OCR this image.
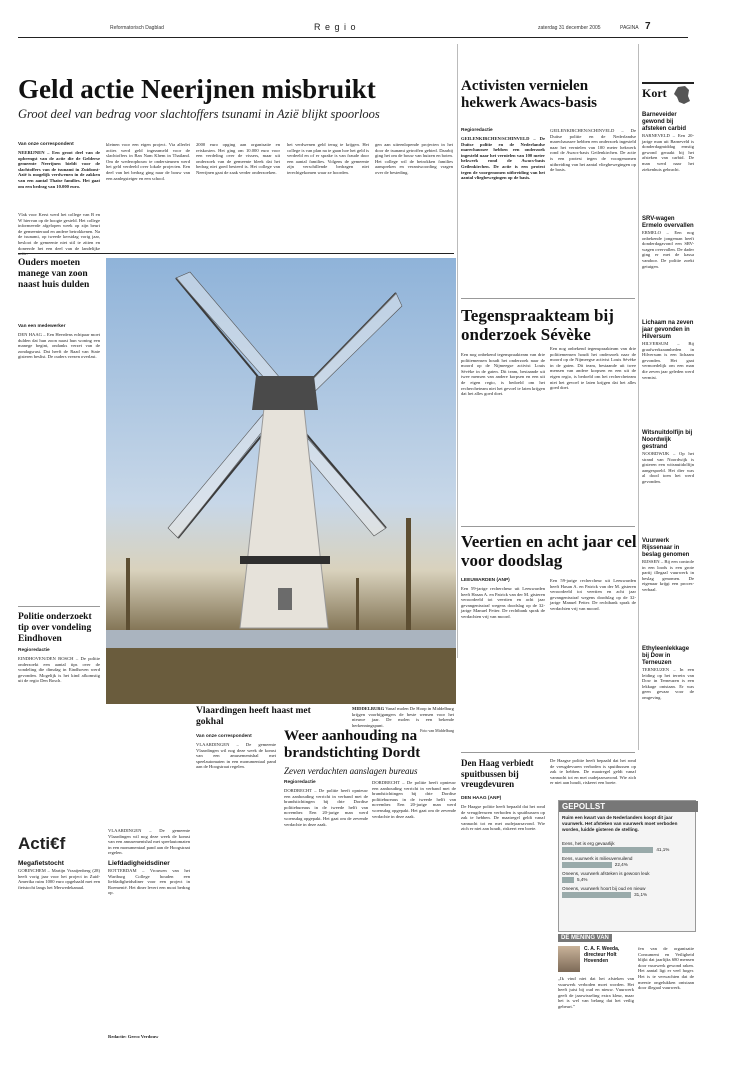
Reformatorisch Dagblad	R e g i o	zaterdag 31 december 2005	PAGINA 7
Geld actie Neerijnen misbruikt
Groot deel van bedrag voor slachtoffers tsunami in Azië blijkt spoorloos
Van onze correspondent
NEERIJNEN – Een groot deel van de opbrengst van de actie die de Gelderse gemeente Neerijnen bieldt voor de slachtoffers van de tsunami in Zuidoost-Azië is mogelijk verdwenen in de zakken van een aantal Thaise families. Het gaat om een bedrag van 10.000 euro.
Vlak voor Kerst werd het college van B en W hiervan op de hoogte gesteld. Het college informeerde afgelopen week op zijn beurt de gemeenteraad en andere betrokkenen. Na de tsunami, op tweede kerstdag vorig jaar, besloot de gemeente niet stil te zitten en doneerde het een deel van de landelijke
kleinen voor een eigen project. Via allerlei acties werd geld ingezameld voor de slachtoffers in Ban Nam Khem in Thailand. Om de wederopbouw te ondersteunen werd het geld verdeeld over lokale projecten. Een deel van het bedrag ging naar de bouw van een aanlegsteiger en een school.
2000 euro opging aan organisatie en reiskosten. Het ging om 10.000 euro voor een verdeling over de vissers, maar uit onderzoek van de gemeente bleek dat het bedrag niet goed besteed is. Het college van Neerijnen gaat de zaak verder onderzoeken.
het verdwenen geld terug te krijgen. Het college is van plan na te gaan hoe het geld is verdeeld en of er sprake is van fraude door een aantal families. Volgens de gemeente zijn verschillende bedragen niet terechtgekomen waar ze hoorden.
gen aan uiteenlopende projecten in het door de tsunami getroffen gebied. Daarbij ging het om de bouw van huizen en boten. Het college wil de betrokken families aanspreken en verantwoording vragen over de besteding.
Activisten vernielen hekwerk Awacs-basis
Regioredactie
GEILENKIRCHEN/SCHINVELD – De Duitse politie en de Nederlandse marechaussee hebben een onderzoek ingesteld naar het vernielen van 100 meter hekwerk rond de Awacs-basis Geilenkirchen. De actie is een protest tegen de voorgenomen uitbreiding van het aantal vliegbewegingen op de basis.

GEILENKIRCHEN/SCHINVELD – De Duitse politie en de Nederlandse marechaussee hebben een onderzoek ingesteld naar het vernielen van 100 meter hekwerk rond de Awacs-basis Geilenkirchen. De actie is een protest tegen de voorgenomen uitbreiding van het aantal vliegbewegingen op de basis.

Tegenspraakteam bij onderzoek Sévèke
Een nog onbekend tegenspraakteam van drie politiemensen houdt het onderzoek naar de moord op de Nijmeegse activist Louis Sévèke in de gaten. Dit team, bestaande uit twee mensen van andere korpsen en een uit de eigen regio, is bedoeld om het rechercheteam niet het gevoel te laten krijgen dat het alles goed doet.

Een nog onbekend tegenspraakteam van drie politiemensen houdt het onderzoek naar de moord op de Nijmeegse activist Louis Sévèke in de gaten. Dit team, bestaande uit twee mensen van andere korpsen en een uit de eigen regio, is bedoeld om het rechercheteam niet het gevoel te laten krijgen dat het alles goed doet.

Veertien en acht jaar cel voor doodslag
LEEUWARDEN (ANP)
Een 59-jarige rechercheur uit Leeuwarden heeft Hasan A. en Patrick van der M. gisteren veroordeeld tot veertien en acht jaar gevangenisstraf wegens doodslag op de 32-jarige Manuel Fetter. De rechtbank sprak de verdachten vrij van moord.

Een 59-jarige rechercheur uit Leeuwarden heeft Hasan A. en Patrick van der M. gisteren veroordeeld tot veertien en acht jaar gevangenisstraf wegens doodslag op de 32-jarige Manuel Fetter. De rechtbank sprak de verdachten vrij van moord.

Kort
Barneveider gewond bij afsteken carbid
BARNEVELD – Een 20-jarige man uit Barneveld is donderdagmiddag ernstig gewond geraakt bij het afsteken van carbid. De man werd naar het ziekenhuis gebracht.
SRV-wagen Ermelo overvallen
ERMELO – Een nog onbekende jongeman heeft donderdagavond een SRV-wagen overvallen. De dader ging er met de kassa vandoor. De politie zoekt getuigen.
Lichaam na zeven jaar gevonden in Hilversum
HILVERSUM – Bij graafwerkzaamheden in Hilversum is een lichaam gevonden. Het gaat vermoedelijk om een man die zeven jaar geleden werd vermist.
Witsnuitdolfijn bij Noordwijk gestrand
NOORDWIJK – Op het strand van Noordwijk is gisteren een witsnuitdolfijn aangespoeld. Het dier was al dood toen het werd gevonden.
Vuurwerk Rijssenaar in beslag genomen
RIJSSEN – Bij een controle in een loods is een grote partij illegaal vuurwerk in beslag genomen. De eigenaar krijgt een proces-verbaal.
Ethyleenlekkage bij Dow in Terneuzen
TERNEUZEN – In een leiding op het terrein van Dow in Terneuzen is een lekkage ontstaan. Er was geen gevaar voor de omgeving.
Ouders moeten manege van zoon naast huis dulden
Van een medewerker
DEN HAAG – Een Heerdens echtpaar moet dulden dat hun zoon naast hun woning een manege begint, ondanks verzet van de zondagsrust. Dat heeft de Raad van State gisteren beslist. De ouders vrezen overlast.
Politie onderzoekt tip over vondeling Eindhoven
Regioredactie
EINDHOVEN/DEN BOSCH – De politie onderzoekt een aantal tips over de vondeling die dinsdag in Eindhoven werd gevonden. Mogelijk is het kind afkomstig uit de regio Den Bosch.
MIDDELBURG Vanaf molen De Hoop in Middelburg krijgen voorbijgangers de beste wensen voor het nieuwe jaar. De molen is een bekende herkenningspunt.
Foto van Middelburg
Vlaardingen heeft haast met gokhal
Van onze correspondent
VLAARDINGEN – De gemeente Vlaardingen wil nog deze week de komst van een amusementshal met speelautomaten in een monumentaal pand aan de Hoogstraat regelen.

VLAARDINGEN – De gemeente Vlaardingen wil nog deze week de komst van een amusementshal met speelautomaten in een monumentaal pand aan de Hoogstraat regelen.

Acti€f
Megafietstocht
GORINCHEM – Martijn Vraaijenberg (28) heeft vorig jaar voor het project in Zuid-Amerika ruim 1000 euro opgehaald met een fietstocht langs het Merwedekanaal.
Liefdadigheidsdiner
ROTTERDAM – Vrouwen van het Wartburg College houden een liefdadigheidsdiner voor een project in Roemenië. Het diner levert een mooi bedrag op.
Redactie: Gerco Verdouw
Weer aanhouding na brandstichting Dordt
Zeven verdachten aanslagen bureaus
Regioredactie
DORDRECHT – De politie heeft opnieuw een aanhouding verricht in verband met de brandstichtingen bij drie Dordtse politiebureaus in de tweede helft van november. Een 20-jarige man werd woensdag opgepakt. Het gaat om de zevende verdachte in deze zaak.

DORDRECHT – De politie heeft opnieuw een aanhouding verricht in verband met de brandstichtingen bij drie Dordtse politiebureaus in de tweede helft van november. Een 20-jarige man werd woensdag opgepakt. Het gaat om de zevende verdachte in deze zaak.

Den Haag verbiedt spuitbussen bij vreugdevuren
DEN HAAG (ANP)
De Haagse politie heeft bepaald dat het rond de vreugdevuren verboden is spuitbussen op zak te hebben. De maatregel geldt vanaf vannacht tot en met oudejaarsavond. Wie zich er niet aan houdt, riskeert een boete.

De Haagse politie heeft bepaald dat het rond de vreugdevuren verboden is spuitbussen op zak te hebben. De maatregel geldt vanaf vannacht tot en met oudejaarsavond. Wie zich er niet aan houdt, riskeert een boete.

GEPOLLST
Ruim een kwart van de Nederlanders koopt dit jaar vuurwerk. Het afsteken van vuurwerk moet verboden worden, luidde gisteren de stelling.
Eens, het is erg gevaarlijk
41,1%
Eens, vuurwerk is milieuvervuilend
22,4%
Oneens, vuurwerk afsteken is gewoon leuk
5,4%
Oneens, vuurwerk hoort bij oud en nieuw
31,1%
DE MENING VAN
C. A. F. Weeda, directeur Holt Hovenden
„Ik vind niet dat het afsteken van vuurwerk verboden moet worden. Het heeft juist bij oud en nieuw. Vuurwerk geeft de jaarwisseling extra kleur, maar het is wel van belang dat het veilig gebeurt.”
fen van de organisatie Consument en Veiligheid blijkt dat jaarlijks 680 mensen door vuurwerk gewond raken. Het aantal ligt er veel hoger. Het is te verwachten dat de meeste ongelukken ontstaan door illegaal vuurwerk.
